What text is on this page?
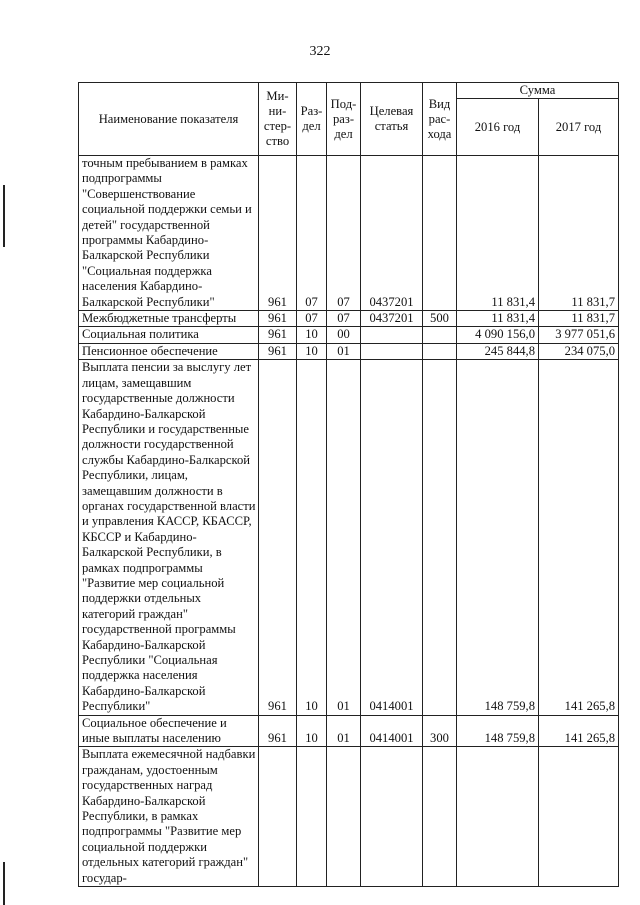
322
Наименование показателя	Ми-
ни-
стер-
ство	Раз-
дел	Под-
раз-
дел	Целевая
статья	Вид
рас-
хода	Сумма	
						2016 год	2017 год
точным пребыванием в рамках подпрограммы "Совершенствование социальной поддержки семьи и детей" государственной программы Кабардино-Балкарской Республики "Социальная поддержка населения Кабардино-Балкарской Республики"	961	07	07	0437201		11 831,4	11 831,7
Межбюджетные трансферты	961	07	07	0437201	500	11 831,4	11 831,7
Социальная политика	961	10	00			4 090 156,0	3 977 051,6
Пенсионное обеспечение	961	10	01			245 844,8	234 075,0
Выплата пенсии за выслугу лет лицам, замещавшим государственные должности Кабардино-Балкарской Республики и государственные должности государственной службы Кабардино-Балкарской Республики, лицам, замещавшим должности в органах государственной власти и управления КАССР, КБАССР, КБССР и Кабардино-Балкарской Республики, в рамках подпрограммы "Развитие мер социальной поддержки отдельных категорий граждан" государственной программы Кабардино-Балкарской Республики "Социальная поддержка населения Кабардино-Балкарской Республики"	961	10	01	0414001		148 759,8	141 265,8
Социальное обеспечение и иные выплаты населению	961	10	01	0414001	300	148 759,8	141 265,8
Выплата ежемесячной надбавки гражданам, удостоенным государственных наград Кабардино-Балкарской Республики, в рамках подпрограммы "Развитие мер социальной поддержки отдельных категорий граждан" государ-							
